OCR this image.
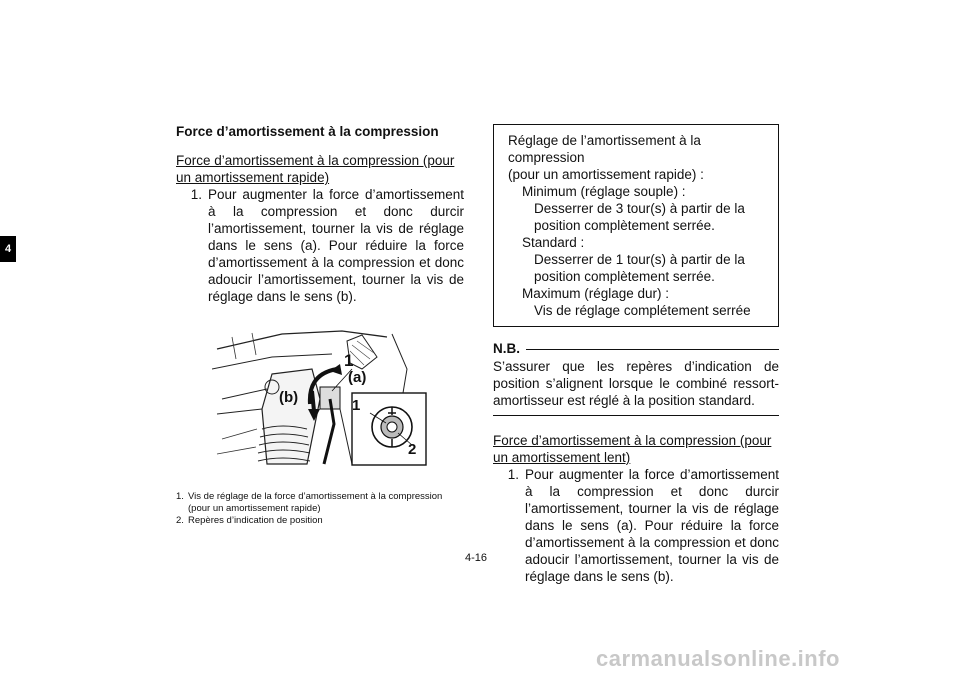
4
Force d’amortissement à la compression
Force d’amortissement à la compression (pour un amortissement rapide)
1. Pour augmenter la force d’amortissement à la compression et donc durcir l’amortissement, tourner la vis de réglage dans le sens (a). Pour réduire la force d’amortissement à la compression et donc adoucir l’amortissement, tourner la vis de réglage dans le sens (b).
1
(a)
(b)	1
2
1. Vis de réglage de la force d’amortissement à la compression (pour un amortissement rapide)
2. Repères d’indication de position
Réglage de l’amortissement à la compression
(pour un amortissement rapide) :
Minimum (réglage souple) :
Desserrer de 3 tour(s) à partir de la position complètement serrée.
Standard :
Desserrer de 1 tour(s) à partir de la position complètement serrée.
Maximum (réglage dur) :
Vis de réglage complétement serrée
N.B.
S’assurer que les repères d’indication de position s’alignent lorsque le combiné ressort-amortisseur est réglé à la position standard.
Force d’amortissement à la compression (pour un amortissement lent)
1. Pour augmenter la force d’amortissement à la compression et donc durcir l’amortissement, tourner la vis de réglage dans le sens (a). Pour réduire la force d’amortissement à la compression et donc adoucir l’amortissement, tourner la vis de réglage dans le sens (b).
4-16
carmanualsonline.info
